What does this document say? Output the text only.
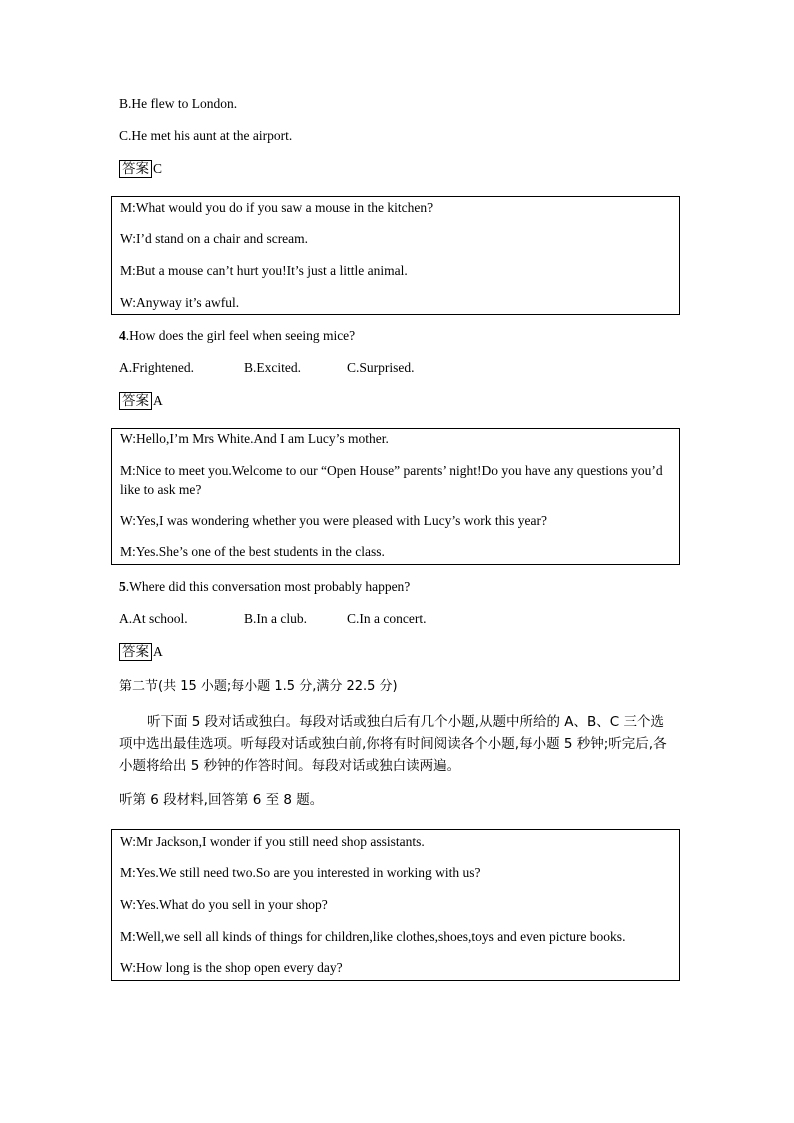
B.He flew to London.
C.He met his aunt at the airport.
答案 C
M:What would you do if you saw a mouse in the kitchen?
W:I’d stand on a chair and scream.
M:But a mouse can’t hurt you!It’s just a little animal.
W:Anyway it’s awful.
4.How does the girl feel when seeing mice?
A.Frightened.	B.Excited.	C.Surprised.
答案 A
W:Hello,I’m Mrs White.And I am Lucy’s mother.
M:Nice to meet you.Welcome to our “Open House” parents’ night!Do you have any questions you’d like to ask me?
W:Yes,I was wondering whether you were pleased with Lucy’s work this year?
M:Yes.She’s one of the best students in the class.
5.Where did this conversation most probably happen?
A.At school.	B.In a club.	C.In a concert.
答案 A
第二节(共 15 小题;每小题 1.5 分,满分 22.5 分)
听下面 5 段对话或独白。每段对话或独白后有几个小题,从题中所给的 A、B、C 三个选项中选出最佳选项。听每段对话或独白前,你将有时间阅读各个小题,每小题 5 秒钟;听完后,各小题将给出 5 秒钟的作答时间。每段对话或独白读两遍。
听第 6 段材料,回答第 6 至 8 题。
W:Mr Jackson,I wonder if you still need shop assistants.
M:Yes.We still need two.So are you interested in working with us?
W:Yes.What do you sell in your shop?
M:Well,we sell all kinds of things for children,like clothes,shoes,toys and even picture books.
W:How long is the shop open every day?
